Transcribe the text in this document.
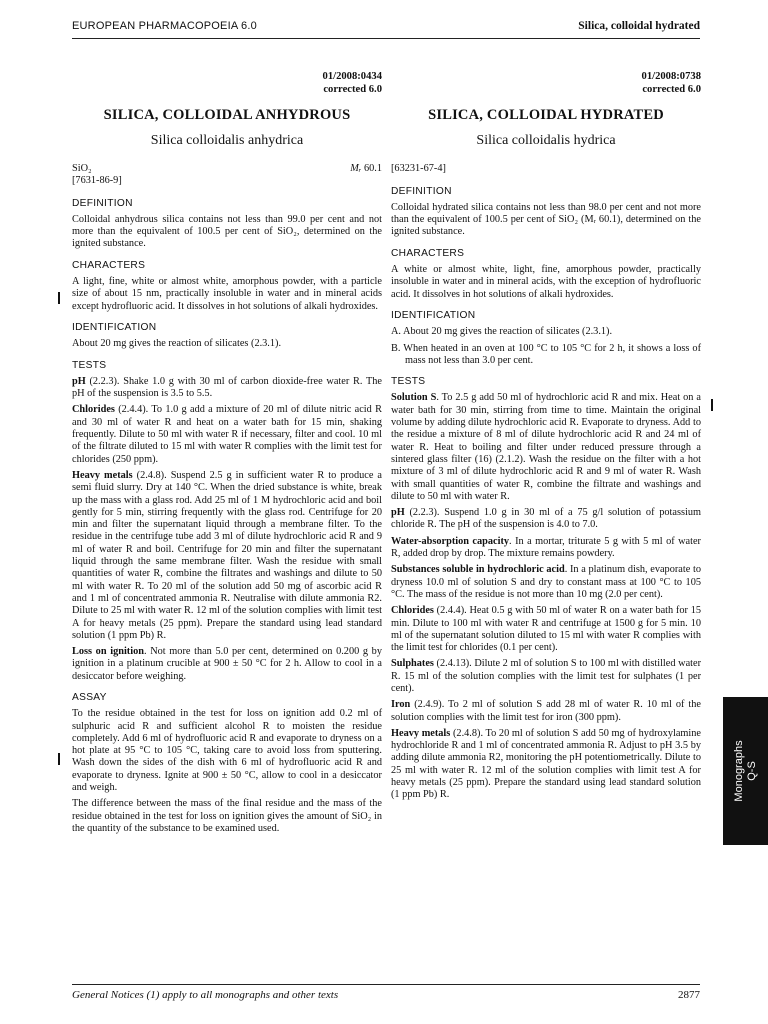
EUROPEAN PHARMACOPOEIA 6.0	Silica, colloidal hydrated
01/2008:0434
corrected 6.0
SILICA, COLLOIDAL ANHYDROUS
Silica colloidalis anhydrica
SiO₂
[7631-86-9]
Mᵣ 60.1
DEFINITION

Colloidal anhydrous silica contains not less than 99.0 per cent and not more than the equivalent of 100.5 per cent of SiO₂, determined on the ignited substance.

CHARACTERS

A light, fine, white or almost white, amorphous powder, with a particle size of about 15 nm, practically insoluble in water and in mineral acids except hydrofluoric acid. It dissolves in hot solutions of alkali hydroxides.

IDENTIFICATION

About 20 mg gives the reaction of silicates (2.3.1).

TESTS

pH (2.2.3). Shake 1.0 g with 30 ml of carbon dioxide-free water R. The pH of the suspension is 3.5 to 5.5.

Chlorides (2.4.4). To 1.0 g add a mixture of 20 ml of dilute nitric acid R and 30 ml of water R and heat on a water bath for 15 min, shaking frequently. Dilute to 50 ml with water R if necessary, filter and cool. 10 ml of the filtrate diluted to 15 ml with water R complies with the limit test for chlorides (250 ppm).

Heavy metals (2.4.8). Suspend 2.5 g in sufficient water R to produce a semi fluid slurry. Dry at 140 °C. When the dried substance is white, break up the mass with a glass rod. Add 25 ml of 1 M hydrochloric acid and boil gently for 5 min, stirring frequently with the glass rod. Centrifuge for 20 min and filter the supernatant liquid through a membrane filter. To the residue in the centrifuge tube add 3 ml of dilute hydrochloric acid R and 9 ml of water R and boil. Centrifuge for 20 min and filter the supernatant liquid through the same membrane filter. Wash the residue with small quantities of water R, combine the filtrates and washings and dilute to 50 ml with water R. To 20 ml of the solution add 50 mg of ascorbic acid R and 1 ml of concentrated ammonia R. Neutralise with dilute ammonia R2. Dilute to 25 ml with water R. 12 ml of the solution complies with limit test A for heavy metals (25 ppm). Prepare the standard using lead standard solution (1 ppm Pb) R.

Loss on ignition. Not more than 5.0 per cent, determined on 0.200 g by ignition in a platinum crucible at 900 ± 50 °C for 2 h. Allow to cool in a desiccator before weighing.

ASSAY

To the residue obtained in the test for loss on ignition add 0.2 ml of sulphuric acid R and sufficient alcohol R to moisten the residue completely. Add 6 ml of hydrofluoric acid R and evaporate to dryness on a hot plate at 95 °C to 105 °C, taking care to avoid loss from sputtering. Wash down the sides of the dish with 6 ml of hydrofluoric acid R and evaporate to dryness. Ignite at 900 ± 50 °C, allow to cool in a desiccator and weigh.

The difference between the mass of the final residue and the mass of the residue obtained in the test for loss on ignition gives the amount of SiO₂ in the quantity of the substance to be examined used.

01/2008:0738
corrected 6.0
SILICA, COLLOIDAL HYDRATED
Silica colloidalis hydrica
[63231-67-4]
DEFINITION

Colloidal hydrated silica contains not less than 98.0 per cent and not more than the equivalent of 100.5 per cent of SiO₂ (Mᵣ 60.1), determined on the ignited substance.

CHARACTERS

A white or almost white, light, fine, amorphous powder, practically insoluble in water and in mineral acids, with the exception of hydrofluoric acid. It dissolves in hot solutions of alkali hydroxides.

IDENTIFICATION

A. About 20 mg gives the reaction of silicates (2.3.1).

B. When heated in an oven at 100 °C to 105 °C for 2 h, it shows a loss of mass not less than 3.0 per cent.

TESTS

Solution S. To 2.5 g add 50 ml of hydrochloric acid R and mix. Heat on a water bath for 30 min, stirring from time to time. Maintain the original volume by adding dilute hydrochloric acid R. Evaporate to dryness. Add to the residue a mixture of 8 ml of dilute hydrochloric acid R and 24 ml of water R. Heat to boiling and filter under reduced pressure through a sintered glass filter (16) (2.1.2). Wash the residue on the filter with a hot mixture of 3 ml of dilute hydrochloric acid R and 9 ml of water R. Wash with small quantities of water R, combine the filtrate and washings and dilute to 50 ml with water R.

pH (2.2.3). Suspend 1.0 g in 30 ml of a 75 g/l solution of potassium chloride R. The pH of the suspension is 4.0 to 7.0.

Water-absorption capacity. In a mortar, triturate 5 g with 5 ml of water R, added drop by drop. The mixture remains powdery.

Substances soluble in hydrochloric acid. In a platinum dish, evaporate to dryness 10.0 ml of solution S and dry to constant mass at 100 °C to 105 °C. The mass of the residue is not more than 10 mg (2.0 per cent).

Chlorides (2.4.4). Heat 0.5 g with 50 ml of water R on a water bath for 15 min. Dilute to 100 ml with water R and centrifuge at 1500 g for 5 min. 10 ml of the supernatant solution diluted to 15 ml with water R complies with the limit test for chlorides (0.1 per cent).

Sulphates (2.4.13). Dilute 2 ml of solution S to 100 ml with distilled water R. 15 ml of the solution complies with the limit test for sulphates (1 per cent).

Iron (2.4.9). To 2 ml of solution S add 28 ml of water R. 10 ml of the solution complies with the limit test for iron (300 ppm).

Heavy metals (2.4.8). To 20 ml of solution S add 50 mg of hydroxylamine hydrochloride R and 1 ml of concentrated ammonia R. Adjust to pH 3.5 by adding dilute ammonia R2, monitoring the pH potentiometrically. Dilute to 25 ml with water R. 12 ml of the solution complies with limit test A for heavy metals (25 ppm). Prepare the standard using lead standard solution (1 ppm Pb) R.

General Notices (1) apply to all monographs and other texts	2877
Monographs Q-S
